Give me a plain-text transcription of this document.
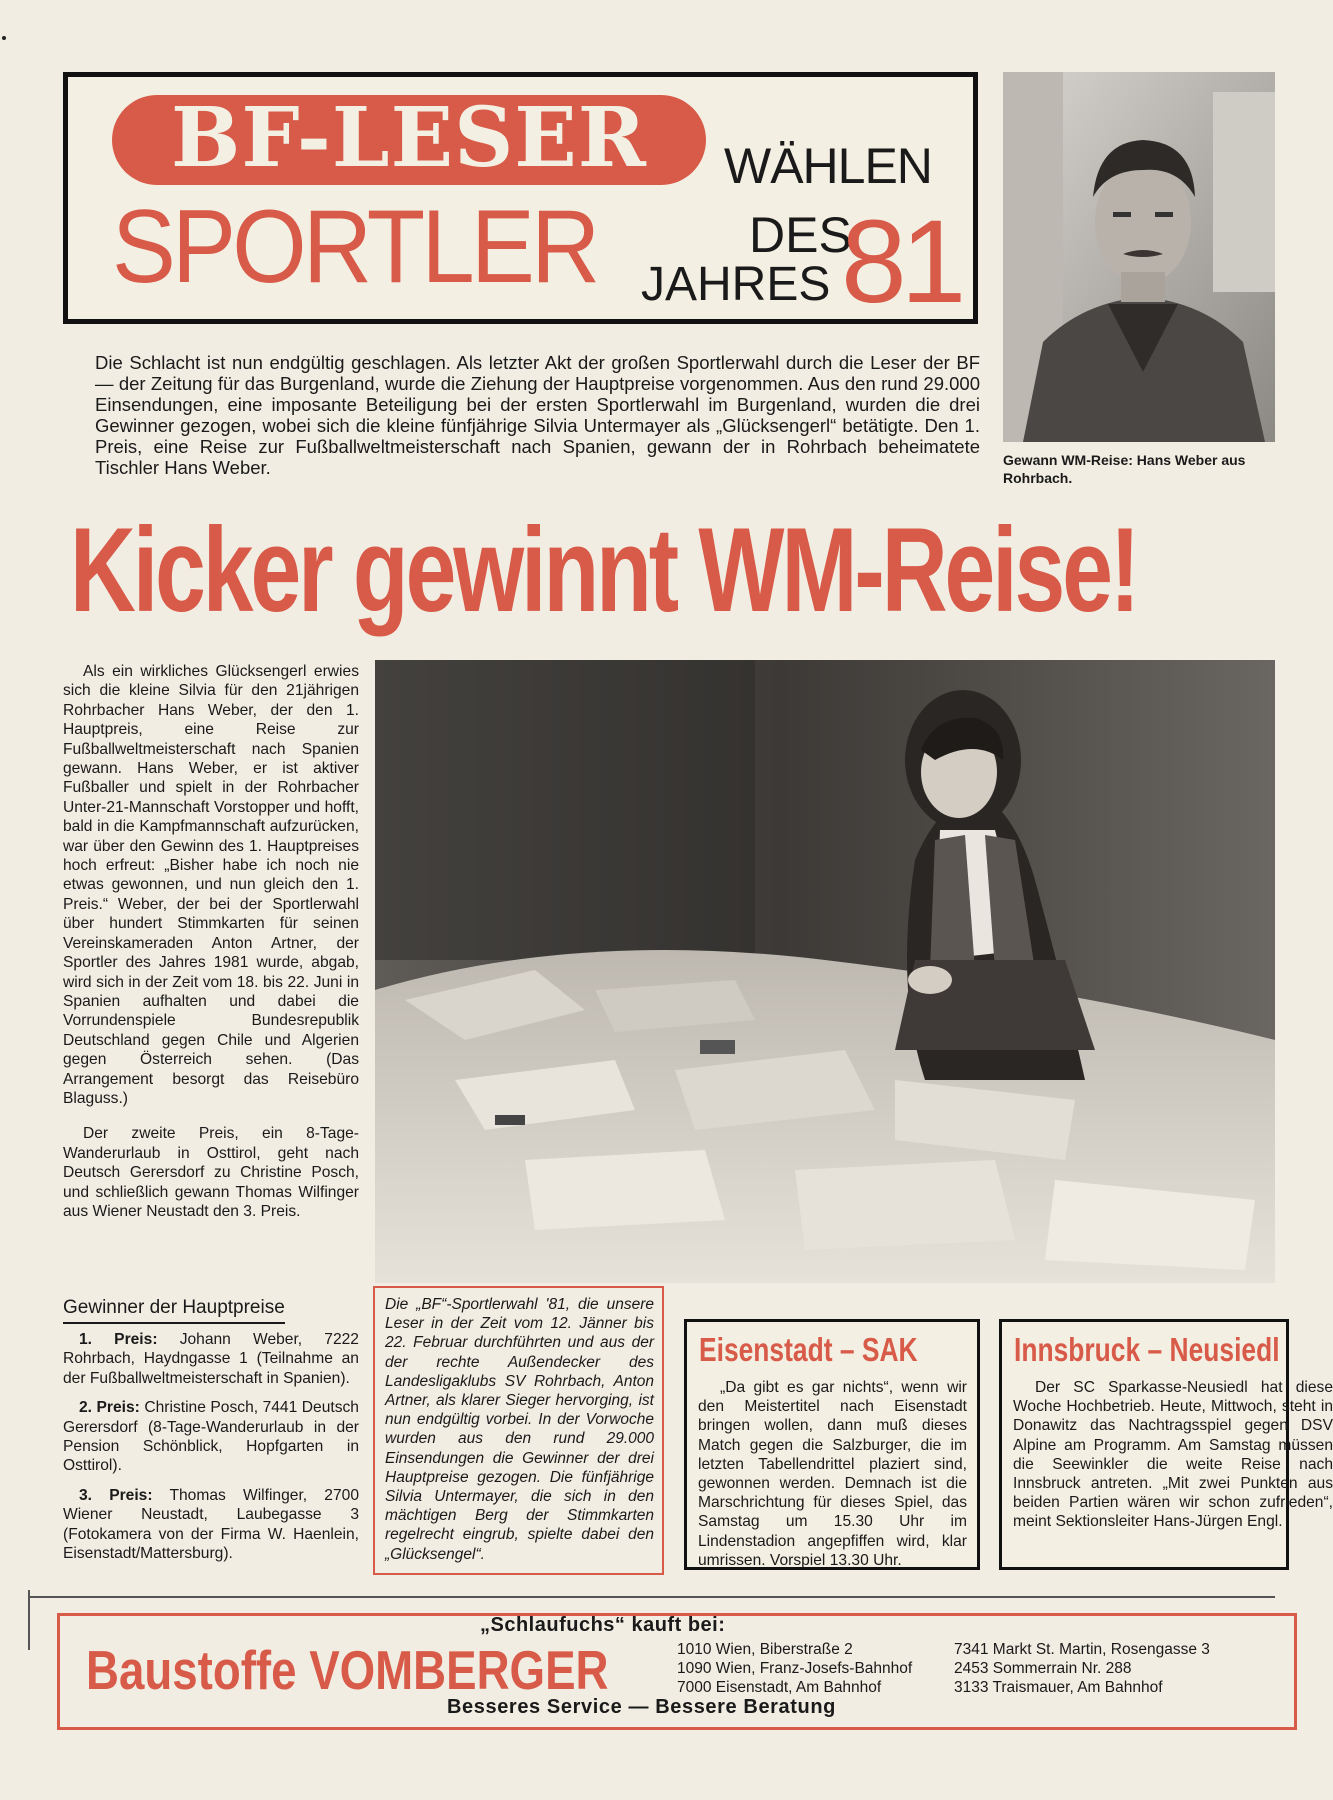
BF-LESER
SPORTLER
WÄHLEN
DES
JAHRES 81
Gewann WM-Reise: Hans Weber aus Rohrbach.
Die Schlacht ist nun endgültig geschlagen. Als letzter Akt der großen Sportlerwahl durch die Leser der BF — der Zeitung für das Burgenland, wurde die Ziehung der Hauptpreise vorgenommen. Aus den rund 29.000 Einsendungen, eine imposante Beteiligung bei der ersten Sportlerwahl im Burgenland, wurden die drei Gewinner gezogen, wobei sich die kleine fünfjährige Silvia Untermayer als „Glücksengerl“ betätigte. Den 1. Preis, eine Reise zur Fußballweltmeisterschaft nach Spanien, gewann der in Rohrbach beheimatete Tischler Hans Weber.
Kicker gewinnt WM-Reise!

Als ein wirkliches Glücksengerl erwies sich die kleine Silvia für den 21jährigen Rohrbacher Hans Weber, der den 1. Hauptpreis, eine Reise zur Fußballweltmeisterschaft nach Spanien gewann. Hans Weber, er ist aktiver Fußballer und spielt in der Rohrbacher Unter-21-Mannschaft Vorstopper und hofft, bald in die Kampfmannschaft aufzurücken, war über den Gewinn des 1. Hauptpreises hoch erfreut: „Bisher habe ich noch nie etwas gewonnen, und nun gleich den 1. Preis.“ Weber, der bei der Sportlerwahl über hundert Stimmkarten für seinen Vereinskameraden Anton Artner, der Sportler des Jahres 1981 wurde, abgab, wird sich in der Zeit vom 18. bis 22. Juni in Spanien aufhalten und dabei die Vorrundenspiele Bundesrepublik Deutschland gegen Chile und Algerien gegen Österreich sehen. (Das Arrangement besorgt das Reisebüro Blaguss.)

Der zweite Preis, ein 8-Tage-Wanderurlaub in Osttirol, geht nach Deutsch Gerersdorf zu Christine Posch, und schließlich gewann Thomas Wilfinger aus Wiener Neustadt den 3. Preis.

Gewinner der Hauptpreise

1. Preis: Johann Weber, 7222 Rohrbach, Haydngasse 1 (Teilnahme an der Fußballweltmeisterschaft in Spanien).

2. Preis: Christine Posch, 7441 Deutsch Gerersdorf (8-Tage-Wanderurlaub in der Pension Schönblick, Hopfgarten in Osttirol).

3. Preis: Thomas Wilfinger, 2700 Wiener Neustadt, Laubegasse 3 (Fotokamera von der Firma W. Haenlein, Eisenstadt/Mattersburg).

Die „BF“-Sportlerwahl '81, die unsere Leser in der Zeit vom 12. Jänner bis 22. Februar durchführten und aus der der rechte Außendecker des Landesligaklubs SV Rohrbach, Anton Artner, als klarer Sieger hervorging, ist nun endgültig vorbei. In der Vorwoche wurden aus den rund 29.000 Einsendungen die Gewinner der drei Hauptpreise gezogen. Die fünfjährige Silvia Untermayer, die sich in den mächtigen Berg der Stimmkarten regelrecht eingrub, spielte dabei den „Glücksengel“.
Eisenstadt – SAK
„Da gibt es gar nichts“, wenn wir den Meistertitel nach Eisenstadt bringen wollen, dann muß dieses Match gegen die Salzburger, die im letzten Tabellendrittel plaziert sind, gewonnen werden. Demnach ist die Marschrichtung für dieses Spiel, das Samstag um 15.30 Uhr im Lindenstadion angepfiffen wird, klar umrissen. Vorspiel 13.30 Uhr.
Innsbruck – Neusiedl
Der SC Sparkasse-Neusiedl hat diese Woche Hochbetrieb. Heute, Mittwoch, steht in Donawitz das Nachtragsspiel gegen DSV Alpine am Programm. Am Samstag müssen die Seewinkler die weite Reise nach Innsbruck antreten. „Mit zwei Punkten aus beiden Partien wären wir schon zufrieden“, meint Sektionsleiter Hans-Jürgen Engl.
„Schlaufuchs“ kauft bei:
Baustoffe VOMBERGER	1010 Wien, Biberstraße 2
1090 Wien, Franz-Josefs-Bahnhof
7000 Eisenstadt, Am Bahnhof
7341 Markt St. Martin, Rosengasse 3
2453 Sommerrain Nr. 288
3133 Traismauer, Am Bahnhof
Besseres Service — Bessere Beratung
